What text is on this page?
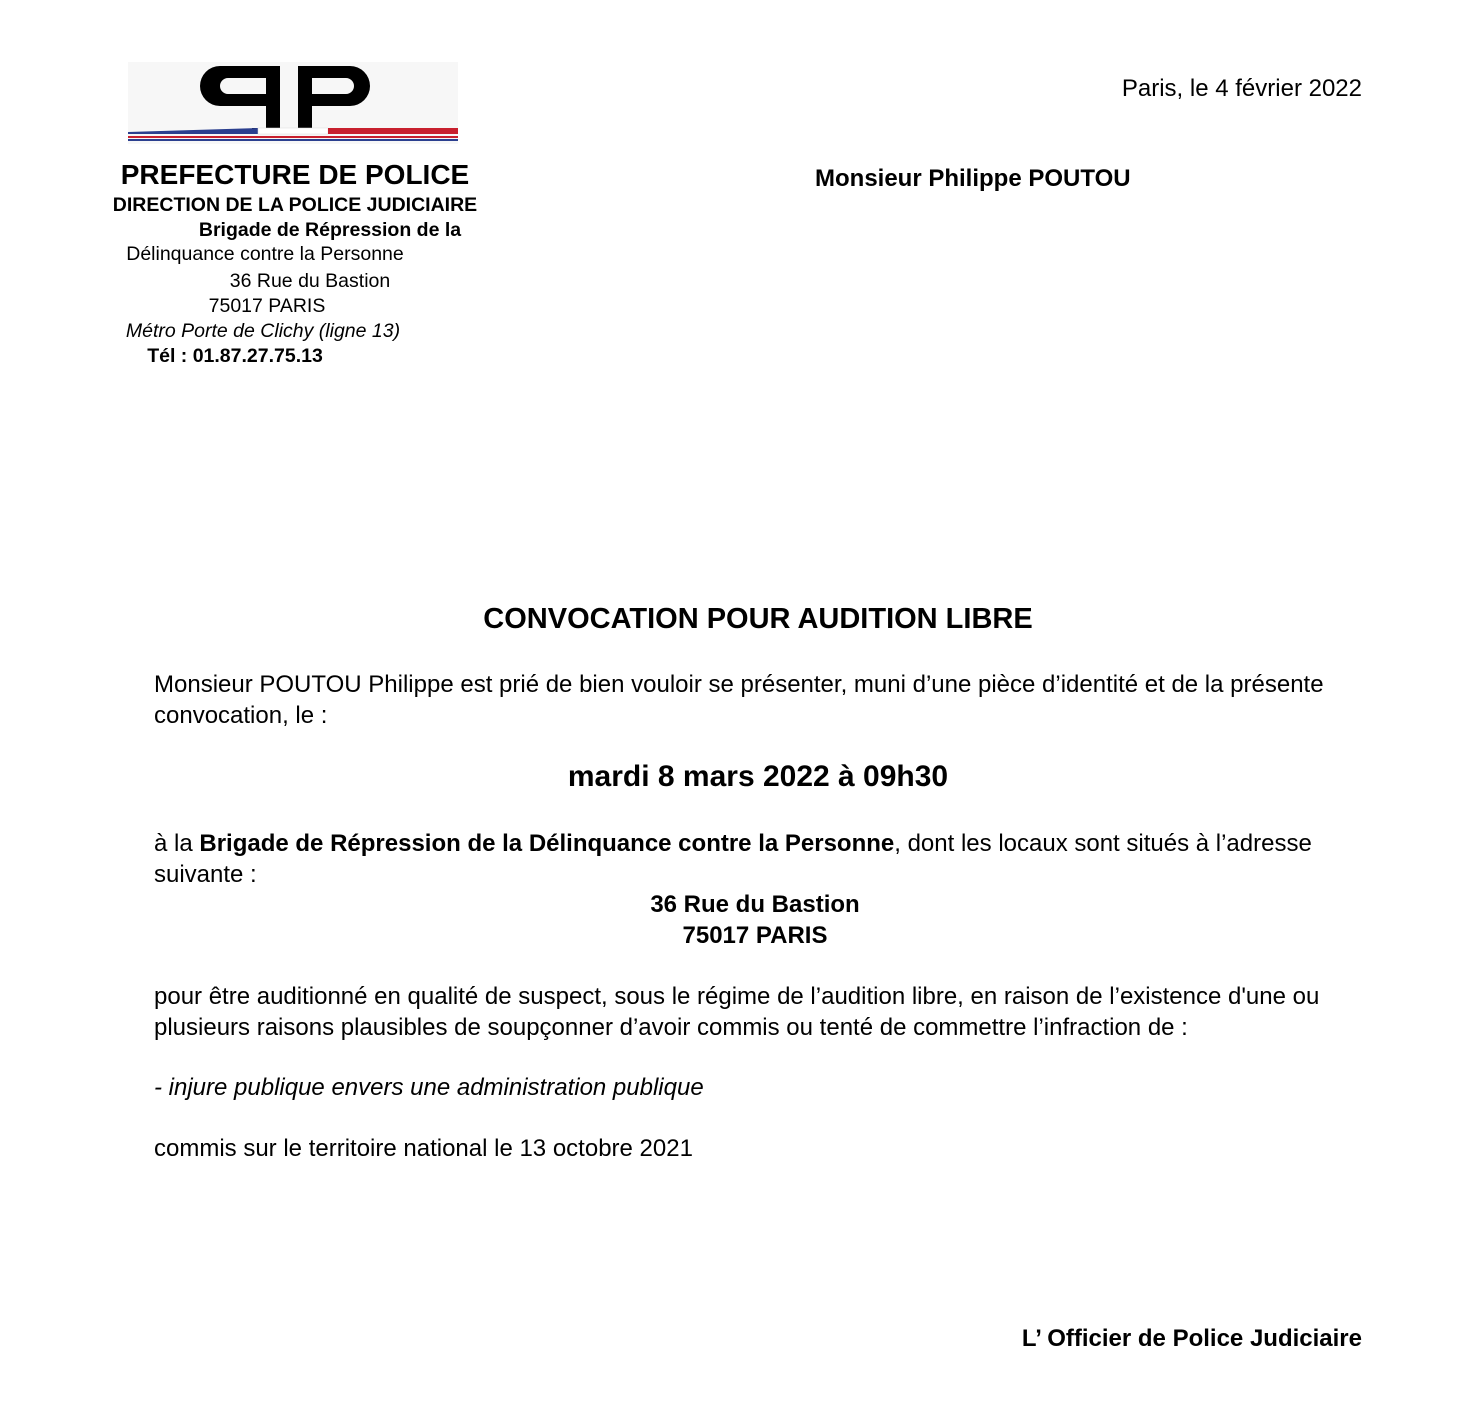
PREFECTURE DE POLICE
DIRECTION DE LA POLICE JUDICIAIRE
Brigade de Répression de la
Délinquance contre la Personne
36 Rue du Bastion
75017 PARIS
Métro Porte de Clichy (ligne 13)
Tél : 01.87.27.75.13
Paris, le 4 février 2022
Monsieur Philippe POUTOU
CONVOCATION POUR AUDITION LIBRE
Monsieur POUTOU Philippe est prié de bien vouloir se présenter, muni d’une pièce d’identité et de la présente convocation, le :
mardi 8 mars 2022 à 09h30
à la Brigade de Répression de la Délinquance contre la Personne, dont les locaux sont situés à l’adresse suivante :
36 Rue du Bastion
75017 PARIS
pour être auditionné en qualité de suspect, sous le régime de l’audition libre, en raison de l’existence d'une ou plusieurs raisons plausibles de soupçonner d’avoir commis ou tenté de commettre l’infraction de :
- injure publique envers une administration publique
commis sur le territoire national le 13 octobre 2021
L’ Officier de Police Judiciaire
